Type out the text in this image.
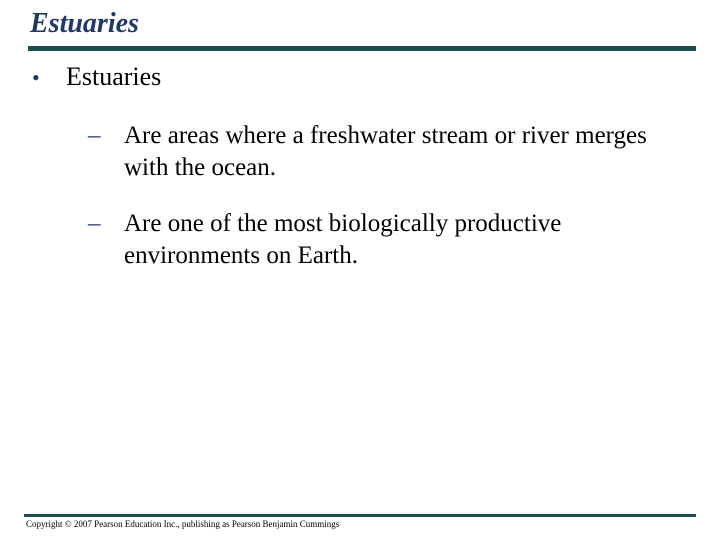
Estuaries
• Estuaries
– Are areas where a freshwater stream or river merges with the ocean.
– Are one of the most biologically productive environments on Earth.
Copyright © 2007 Pearson Education Inc., publishing as Pearson Benjamin Cummings
